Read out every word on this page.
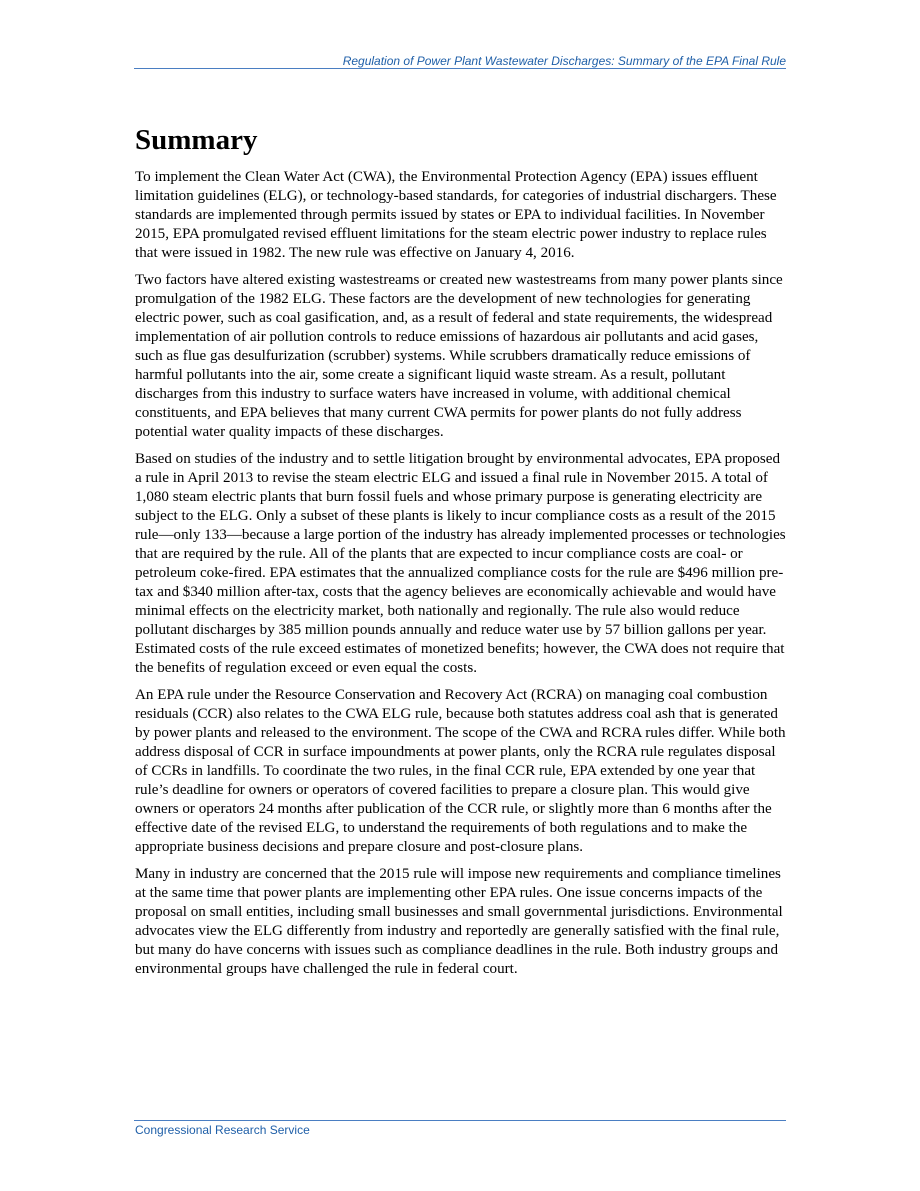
Regulation of Power Plant Wastewater Discharges: Summary of the EPA Final Rule
Summary

To implement the Clean Water Act (CWA), the Environmental Protection Agency (EPA) issues effluent limitation guidelines (ELG), or technology-based standards, for categories of industrial dischargers. These standards are implemented through permits issued by states or EPA to individual facilities. In November 2015, EPA promulgated revised effluent limitations for the steam electric power industry to replace rules that were issued in 1982. The new rule was effective on January 4, 2016.

Two factors have altered existing wastestreams or created new wastestreams from many power plants since promulgation of the 1982 ELG. These factors are the development of new technologies for generating electric power, such as coal gasification, and, as a result of federal and state requirements, the widespread implementation of air pollution controls to reduce emissions of hazardous air pollutants and acid gases, such as flue gas desulfurization (scrubber) systems. While scrubbers dramatically reduce emissions of harmful pollutants into the air, some create a significant liquid waste stream. As a result, pollutant discharges from this industry to surface waters have increased in volume, with additional chemical constituents, and EPA believes that many current CWA permits for power plants do not fully address potential water quality impacts of these discharges.

Based on studies of the industry and to settle litigation brought by environmental advocates, EPA proposed a rule in April 2013 to revise the steam electric ELG and issued a final rule in November 2015. A total of 1,080 steam electric plants that burn fossil fuels and whose primary purpose is generating electricity are subject to the ELG. Only a subset of these plants is likely to incur compliance costs as a result of the 2015 rule—only 133—because a large portion of the industry has already implemented processes or technologies that are required by the rule. All of the plants that are expected to incur compliance costs are coal- or petroleum coke-fired. EPA estimates that the annualized compliance costs for the rule are $496 million pre-tax and $340 million after-tax, costs that the agency believes are economically achievable and would have minimal effects on the electricity market, both nationally and regionally. The rule also would reduce pollutant discharges by 385 million pounds annually and reduce water use by 57 billion gallons per year. Estimated costs of the rule exceed estimates of monetized benefits; however, the CWA does not require that the benefits of regulation exceed or even equal the costs.

An EPA rule under the Resource Conservation and Recovery Act (RCRA) on managing coal combustion residuals (CCR) also relates to the CWA ELG rule, because both statutes address coal ash that is generated by power plants and released to the environment. The scope of the CWA and RCRA rules differ. While both address disposal of CCR in surface impoundments at power plants, only the RCRA rule regulates disposal of CCRs in landfills. To coordinate the two rules, in the final CCR rule, EPA extended by one year that rule’s deadline for owners or operators of covered facilities to prepare a closure plan. This would give owners or operators 24 months after publication of the CCR rule, or slightly more than 6 months after the effective date of the revised ELG, to understand the requirements of both regulations and to make the appropriate business decisions and prepare closure and post-closure plans.

Many in industry are concerned that the 2015 rule will impose new requirements and compliance timelines at the same time that power plants are implementing other EPA rules. One issue concerns impacts of the proposal on small entities, including small businesses and small governmental jurisdictions. Environmental advocates view the ELG differently from industry and reportedly are generally satisfied with the final rule, but many do have concerns with issues such as compliance deadlines in the rule. Both industry groups and environmental groups have challenged the rule in federal court.

Congressional Research Service
